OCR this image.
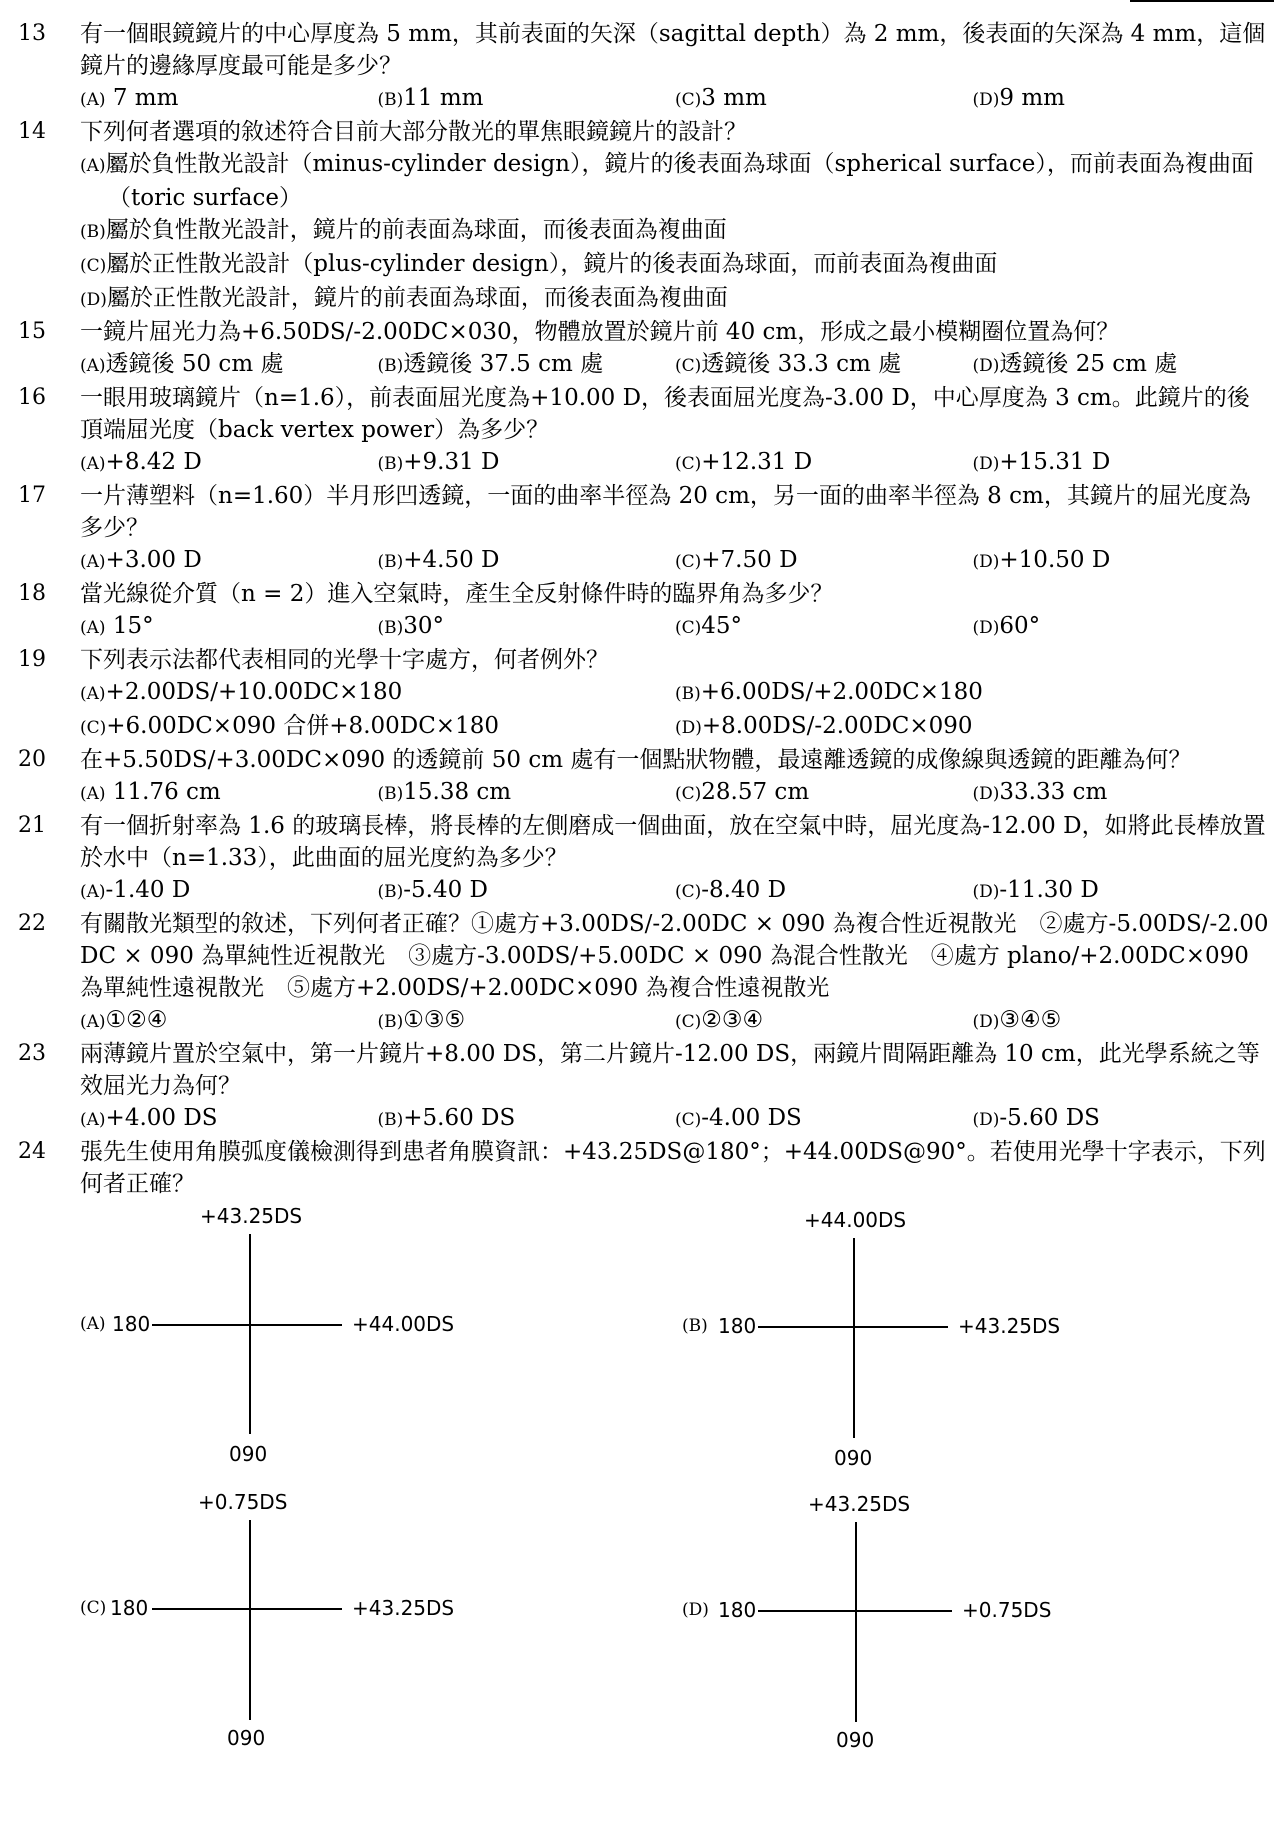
13	有一個眼鏡鏡片的中心厚度為 5 mm，其前表面的矢深（sagittal depth）為 2 mm，後表面的矢深為 4 mm，這個鏡片的邊緣厚度最可能是多少？
(A) 7 mm	(B)11 mm	(C)3 mm	(D)9 mm
14	下列何者選項的敘述符合目前大部分散光的單焦眼鏡鏡片的設計？
(A)屬於負性散光設計（minus-cylinder design），鏡片的後表面為球面（spherical surface），而前表面為複曲面（toric surface）
(B)屬於負性散光設計，鏡片的前表面為球面，而後表面為複曲面
(C)屬於正性散光設計（plus-cylinder design），鏡片的後表面為球面，而前表面為複曲面
(D)屬於正性散光設計，鏡片的前表面為球面，而後表面為複曲面
15	一鏡片屈光力為+6.50DS/-2.00DC×030，物體放置於鏡片前 40 cm，形成之最小模糊圈位置為何？
(A)透鏡後 50 cm 處	(B)透鏡後 37.5 cm 處	(C)透鏡後 33.3 cm 處	(D)透鏡後 25 cm 處
16	一眼用玻璃鏡片（n=1.6），前表面屈光度為+10.00 D，後表面屈光度為-3.00 D，中心厚度為 3 cm。此鏡片的後頂端屈光度（back vertex power）為多少？
(A)+8.42 D	(B)+9.31 D	(C)+12.31 D	(D)+15.31 D
17	一片薄塑料（n=1.60）半月形凹透鏡，一面的曲率半徑為 20 cm，另一面的曲率半徑為 8 cm，其鏡片的屈光度為多少？
(A)+3.00 D	(B)+4.50 D	(C)+7.50 D	(D)+10.50 D
18	當光線從介質（n = 2）進入空氣時，產生全反射條件時的臨界角為多少？
(A) 15°	(B)30°	(C)45°	(D)60°
19	下列表示法都代表相同的光學十字處方，何者例外？
(A)+2.00DS/+10.00DC×180	(B)+6.00DS/+2.00DC×180
(C)+6.00DC×090 合併+8.00DC×180	(D)+8.00DS/-2.00DC×090
20	在+5.50DS/+3.00DC×090 的透鏡前 50 cm 處有一個點狀物體，最遠離透鏡的成像線與透鏡的距離為何？
(A) 11.76 cm	(B)15.38 cm	(C)28.57 cm	(D)33.33 cm
21	有一個折射率為 1.6 的玻璃長棒，將長棒的左側磨成一個曲面，放在空氣中時，屈光度為-12.00 D，如將此長棒放置於水中（n=1.33），此曲面的屈光度約為多少？
(A)-1.40 D	(B)-5.40 D	(C)-8.40 D	(D)-11.30 D
22	有關散光類型的敘述，下列何者正確？①處方+3.00DS/-2.00DC × 090 為複合性近視散光　②處方-5.00DS/-2.00DC × 090 為單純性近視散光　③處方-3.00DS/+5.00DC × 090 為混合性散光　④處方 plano/+2.00DC×090 為單純性遠視散光　⑤處方+2.00DS/+2.00DC×090 為複合性遠視散光
(A)①②④	(B)①③⑤	(C)②③④	(D)③④⑤
23	兩薄鏡片置於空氣中，第一片鏡片+8.00 DS，第二片鏡片-12.00 DS，兩鏡片間隔距離為 10 cm，此光學系統之等效屈光力為何？
(A)+4.00 DS	(B)+5.60 DS	(C)-4.00 DS	(D)-5.60 DS
24	張先生使用角膜弧度儀檢測得到患者角膜資訊：+43.25DS@180°；+44.00DS@90°。若使用光學十字表示，下列何者正確？
+43.25DS
(A) 180	+44.00DS
090
+44.00DS
(B) 180	+43.25DS
090
+0.75DS
(C) 180	+43.25DS
090
+43.25DS
(D) 180	+0.75DS
090
